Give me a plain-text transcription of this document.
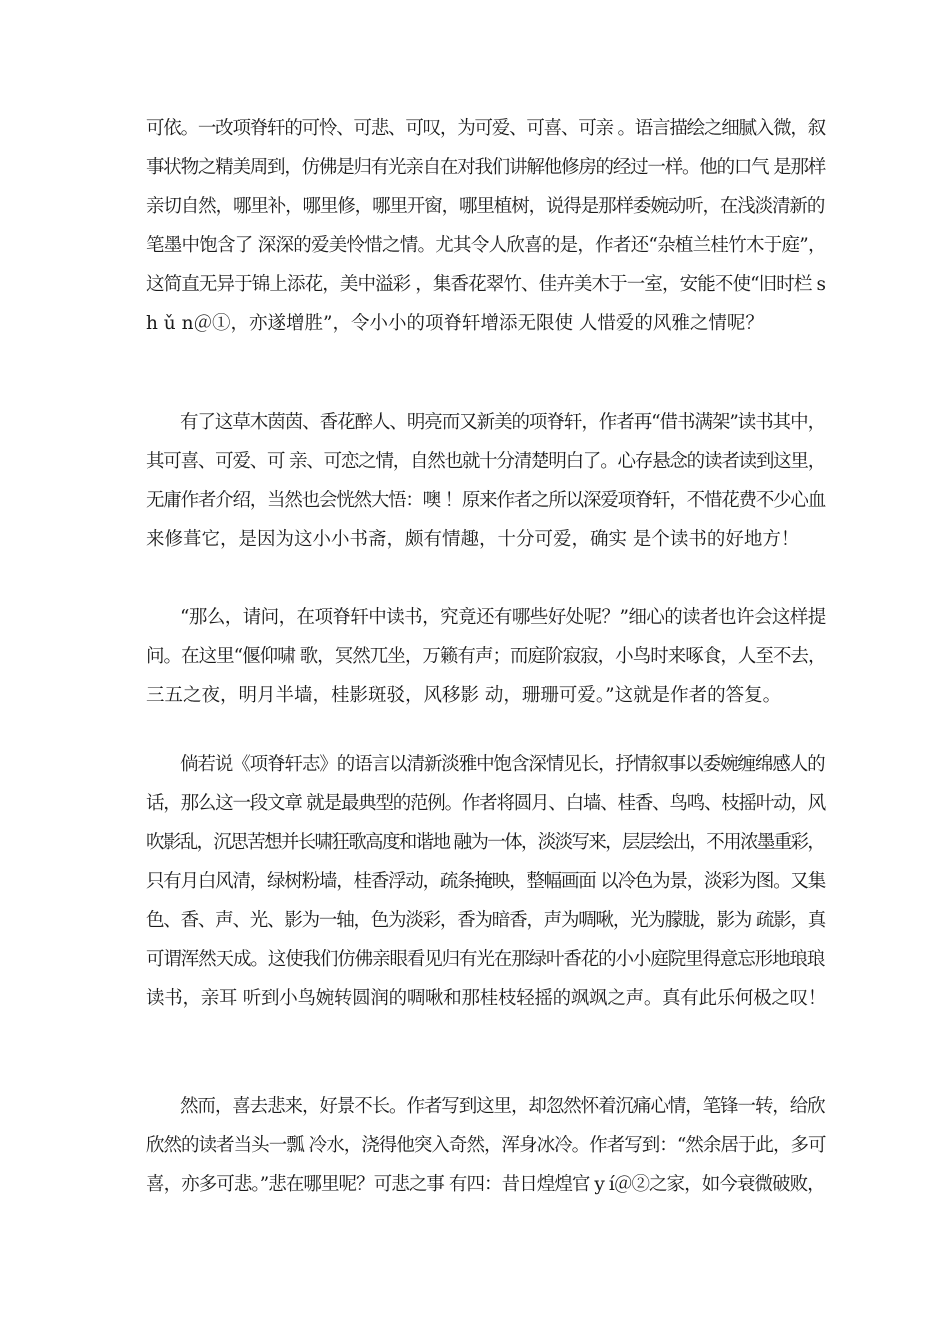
可依。一改项脊轩的可怜、可悲、可叹，为可爱、可喜、可亲 。语言描绘之细腻入微，叙
事状物之精美周到，仿佛是归有光亲自在对我们讲解他修房的经过一样。他的口气 是那样
亲切自然，哪里补，哪里修，哪里开窗，哪里植树，说得是那样委婉动听，在浅淡清新的
笔墨中饱含了 深深的爱美怜惜之情。尤其令人欣喜的是，作者还“杂植兰桂竹木于庭”，
这简直无异于锦上添花，美中溢彩 ，集香花翠竹、佳卉美木于一室，安能不使“旧时栏 s
h ǔ n＠①，亦遂增胜”，令小小的项脊轩增添无限使 人惜爱的风雅之情呢？
有了这草木茵茵、香花醉人、明亮而又新美的项脊轩，作者再“借书满架”读书其中，
其可喜、可爱、可 亲、可恋之情，自然也就十分清楚明白了。心存悬念的读者读到这里，
无庸作者介绍，当然也会恍然大悟：噢 ！原来作者之所以深爱项脊轩，不惜花费不少心血
来修葺它，是因为这小小书斋，颇有情趣，十分可爱，确实 是个读书的好地方！
“那么，请问，在项脊轩中读书，究竟还有哪些好处呢？”细心的读者也许会这样提
问。在这里“偃仰啸 歌，冥然兀坐，万籁有声；而庭阶寂寂，小鸟时来啄食，人至不去，
三五之夜，明月半墙，桂影斑驳，风移影 动，珊珊可爱。”这就是作者的答复。
倘若说《项脊轩志》的语言以清新淡雅中饱含深情见长，抒情叙事以委婉缠绵感人的
话，那么这一段文章 就是最典型的范例。作者将圆月、白墙、桂香、鸟鸣、枝摇叶动，风
吹影乱，沉思苦想并长啸狂歌高度和谐地 融为一体，淡淡写来，层层绘出，不用浓墨重彩，
只有月白风清，绿树粉墙，桂香浮动，疏条掩映，整幅画面 以冷色为景，淡彩为图。又集
色、香、声、光、影为一轴，色为淡彩，香为暗香，声为啁啾，光为朦胧，影为 疏影，真
可谓浑然天成。这使我们仿佛亲眼看见归有光在那绿叶香花的小小庭院里得意忘形地琅琅
读书，亲耳 听到小鸟婉转圆润的啁啾和那桂枝轻摇的飒飒之声。真有此乐何极之叹！
然而，喜去悲来，好景不长。作者写到这里，却忽然怀着沉痛心情，笔锋一转，给欣
欣然的读者当头一瓢 冷水，浇得他突入奇然，浑身冰冷。作者写到：“然余居于此，多可
喜，亦多可悲。”悲在哪里呢？可悲之事 有四：昔日煌煌官 y í＠②之家，如今衰微破败，
